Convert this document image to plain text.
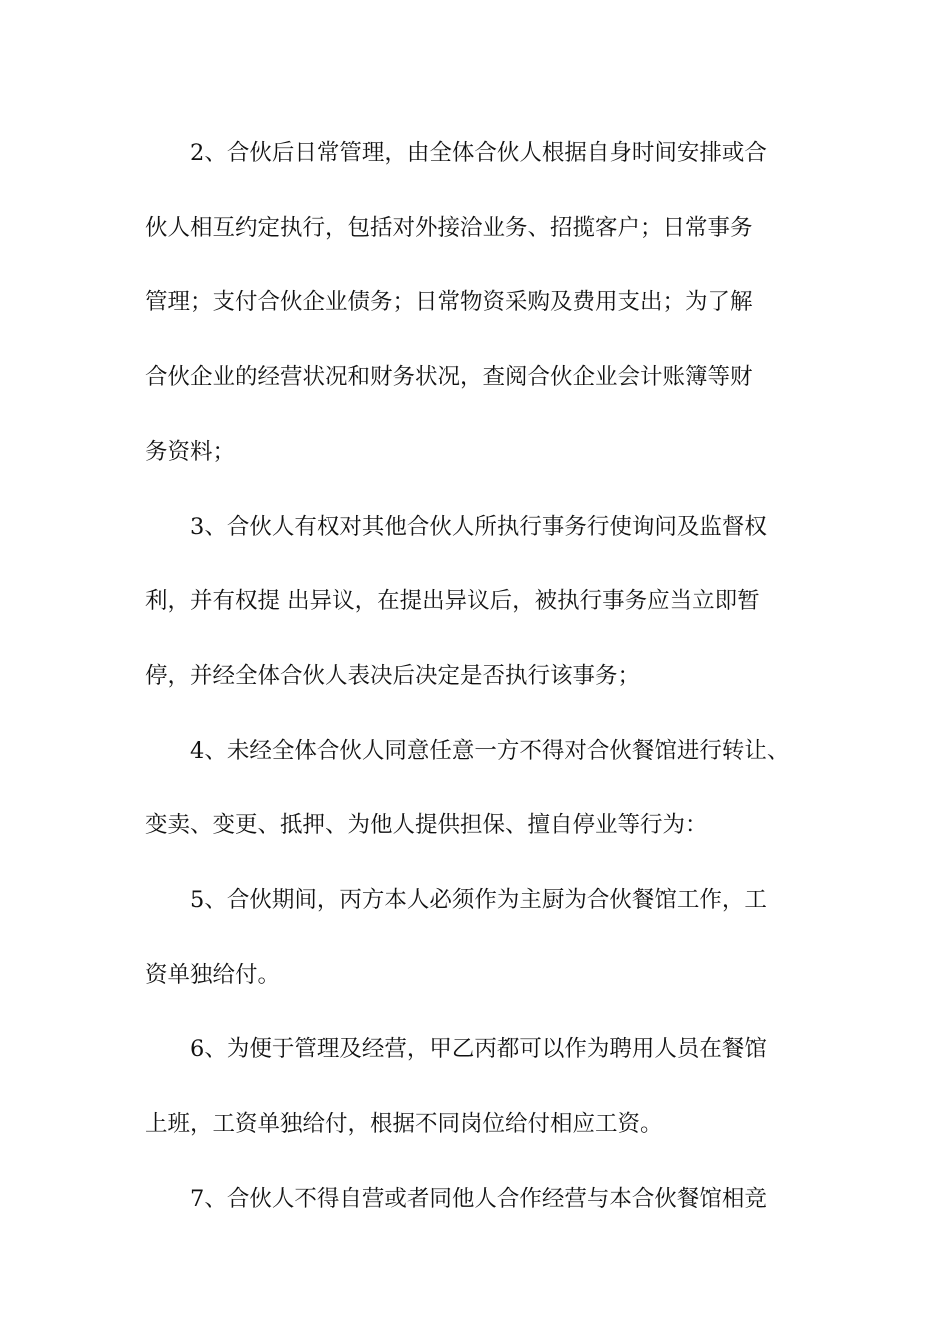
2、合伙后日常管理，由全体合伙人根据自身时间安排或合
伙人相互约定执行，包括对外接洽业务、招揽客户；日常事务
管理；支付合伙企业债务；日常物资采购及费用支出；为了解
合伙企业的经营状况和财务状况，查阅合伙企业会计账簿等财
务资料；
3、合伙人有权对其他合伙人所执行事务行使询问及监督权
利，并有权提 出异议，在提出异议后，被执行事务应当立即暂
停，并经全体合伙人表决后决定是否执行该事务；
4、未经全体合伙人同意任意一方不得对合伙餐馆进行转让、
变卖、变更、抵押、为他人提供担保、擅自停业等行为：
5、合伙期间，丙方本人必须作为主厨为合伙餐馆工作，工
资单独给付。
6、为便于管理及经营，甲乙丙都可以作为聘用人员在餐馆
上班，工资单独给付，根据不同岗位给付相应工资。
7、合伙人不得自营或者同他人合作经营与本合伙餐馆相竞
